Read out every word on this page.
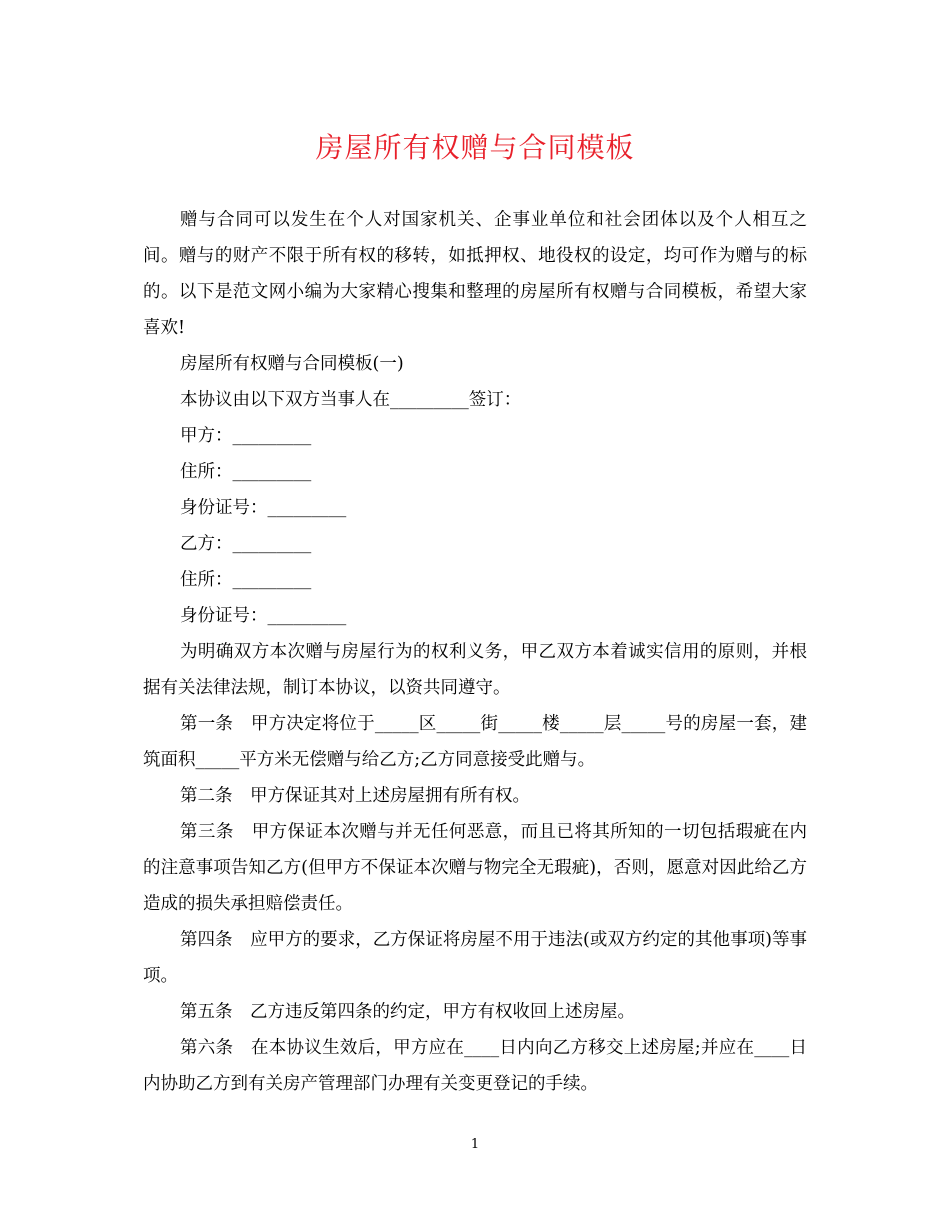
房屋所有权赠与合同模板

赠与合同可以发生在个人对国家机关、企事业单位和社会团体以及个人相互之间。赠与的财产不限于所有权的移转，如抵押权、地役权的设定，均可作为赠与的标的。以下是范文网小编为大家精心搜集和整理的房屋所有权赠与合同模板，希望大家喜欢!

房屋所有权赠与合同模板(一)

本协议由以下双方当事人在_________签订：

甲方：_________

住所：_________

身份证号：_________

乙方：_________

住所：_________

身份证号：_________

为明确双方本次赠与房屋行为的权利义务，甲乙双方本着诚实信用的原则，并根据有关法律法规，制订本协议，以资共同遵守。

第一条　甲方决定将位于_____区_____街_____楼_____层_____号的房屋一套，建筑面积_____平方米无偿赠与给乙方;乙方同意接受此赠与。

第二条　甲方保证其对上述房屋拥有所有权。

第三条　甲方保证本次赠与并无任何恶意，而且已将其所知的一切包括瑕疵在内的注意事项告知乙方(但甲方不保证本次赠与物完全无瑕疵)，否则，愿意对因此给乙方造成的损失承担赔偿责任。

第四条　应甲方的要求，乙方保证将房屋不用于违法(或双方约定的其他事项)等事项。

第五条　乙方违反第四条的约定，甲方有权收回上述房屋。

第六条　在本协议生效后，甲方应在____日内向乙方移交上述房屋;并应在____日内协助乙方到有关房产管理部门办理有关变更登记的手续。

1
